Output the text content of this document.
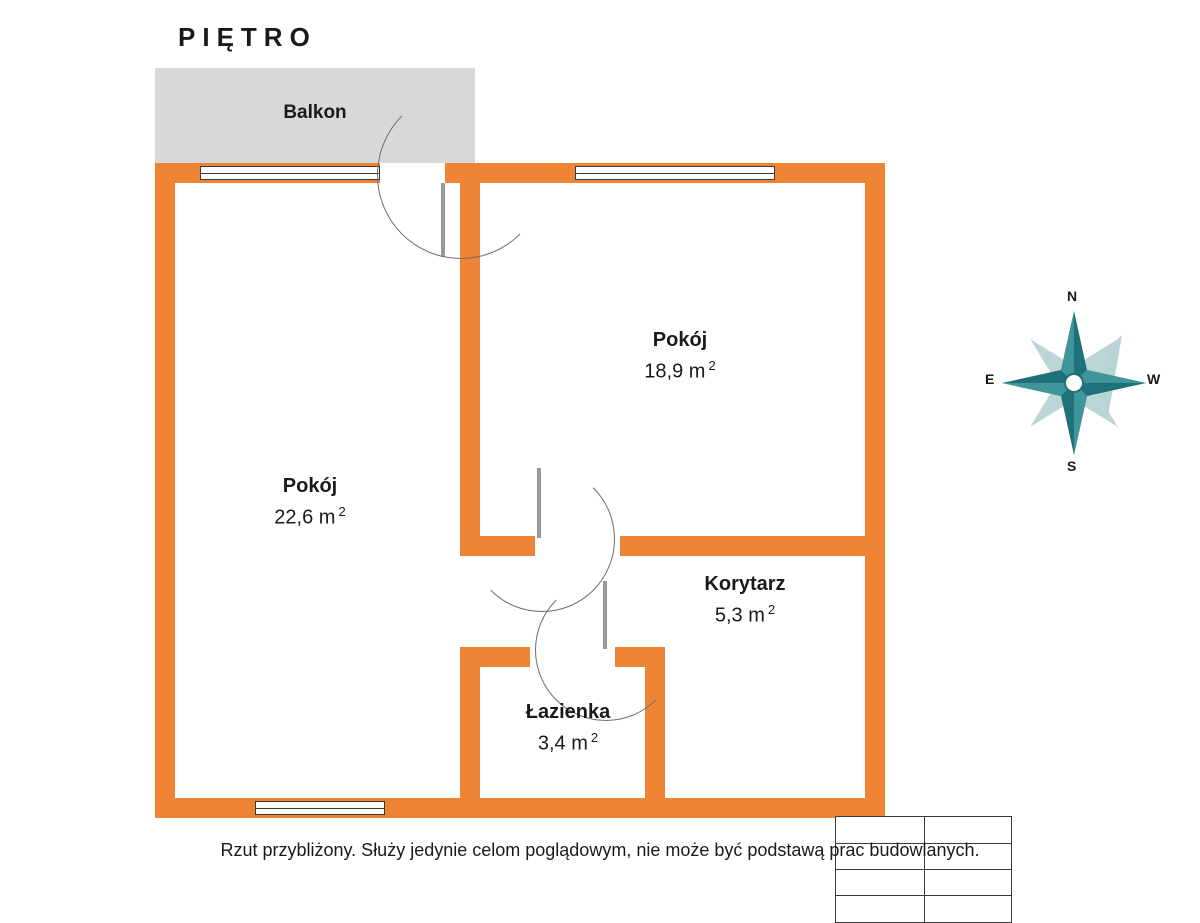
PIĘTRO
Balkon
Pokój
22,6 m $^2$
Pokój
18,9 m $^2$
Korytarz
5,3 m $^2$
Łazienka
3,4 m $^2$
S
N
E	W
Rzut przybliżony. Służy jedynie celom poglądowym, nie może być podstawą prac budowlanych.
